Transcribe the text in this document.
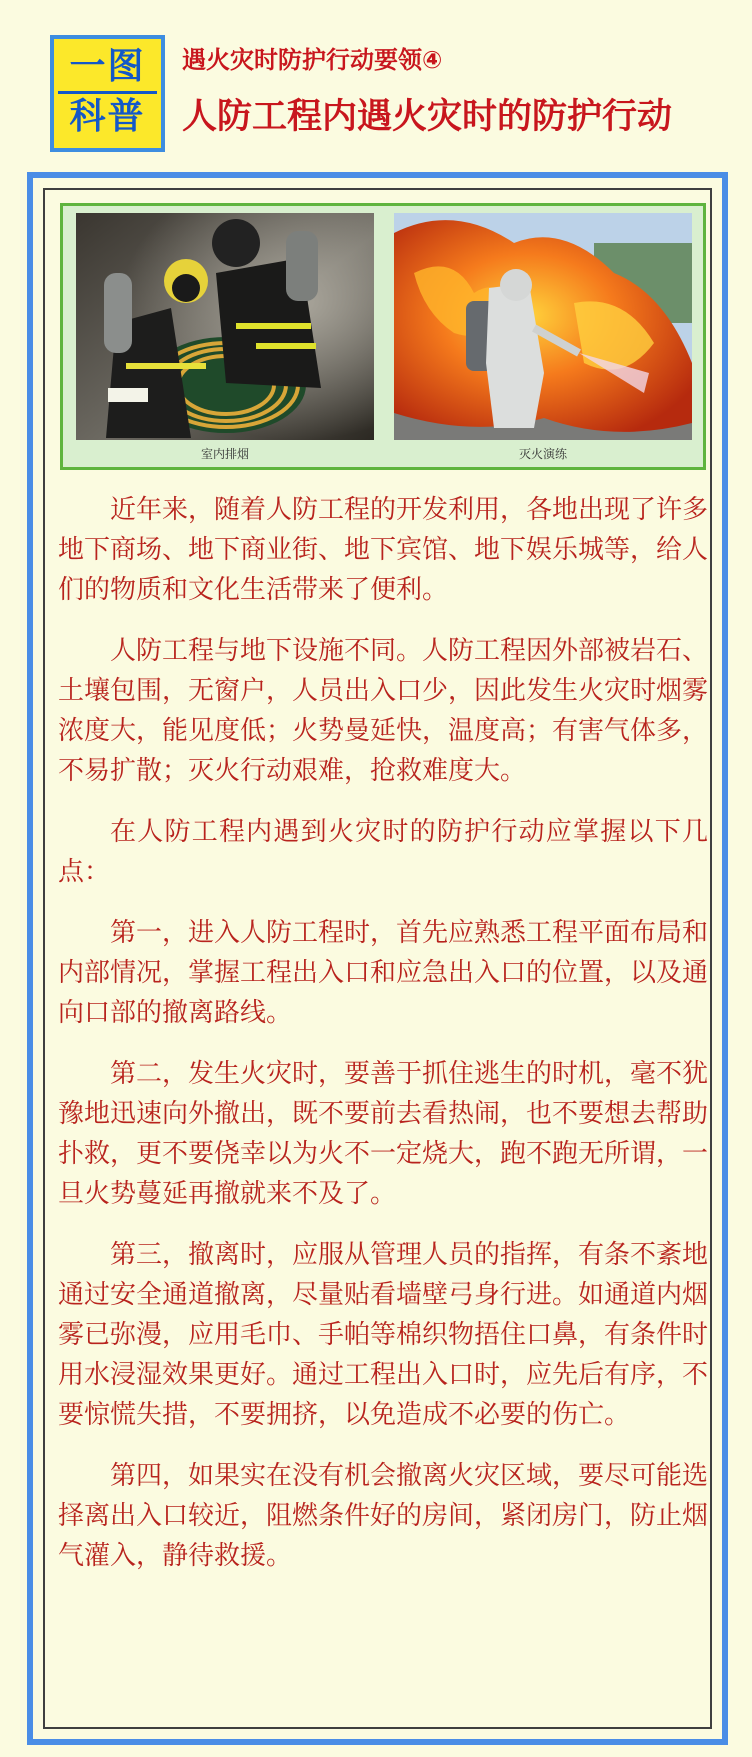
一图
科普
遇火灾时防护行动要领④
人防工程内遇火灾时的防护行动
室内排烟	灭火演练

近年来，随着人防工程的开发利用，各地出现了许多地下商场、地下商业街、地下宾馆、地下娱乐城等，给人们的物质和文化生活带来了便利。

人防工程与地下设施不同。人防工程因外部被岩石、土壤包围，无窗户，人员出入口少，因此发生火灾时烟雾浓度大，能见度低；火势曼延快，温度高；有害气体多，不易扩散；灭火行动艰难，抢救难度大。

在人防工程内遇到火灾时的防护行动应掌握以下几点：

第一，进入人防工程时，首先应熟悉工程平面布局和内部情况，掌握工程出入口和应急出入口的位置，以及通向口部的撤离路线。

第二，发生火灾时，要善于抓住逃生的时机，毫不犹豫地迅速向外撤出，既不要前去看热闹，也不要想去帮助扑救，更不要侥幸以为火不一定烧大，跑不跑无所谓，一旦火势蔓延再撤就来不及了。

第三，撤离时，应服从管理人员的指挥，有条不紊地通过安全通道撤离，尽量贴看墙壁弓身行进。如通道内烟雾已弥漫，应用毛巾、手帕等棉织物捂住口鼻，有条件时用水浸湿效果更好。通过工程出入口时，应先后有序，不要惊慌失措，不要拥挤，以免造成不必要的伤亡。

第四，如果实在没有机会撤离火灾区域，要尽可能选择离出入口较近，阻燃条件好的房间，紧闭房门，防止烟气灌入，静待救援。
